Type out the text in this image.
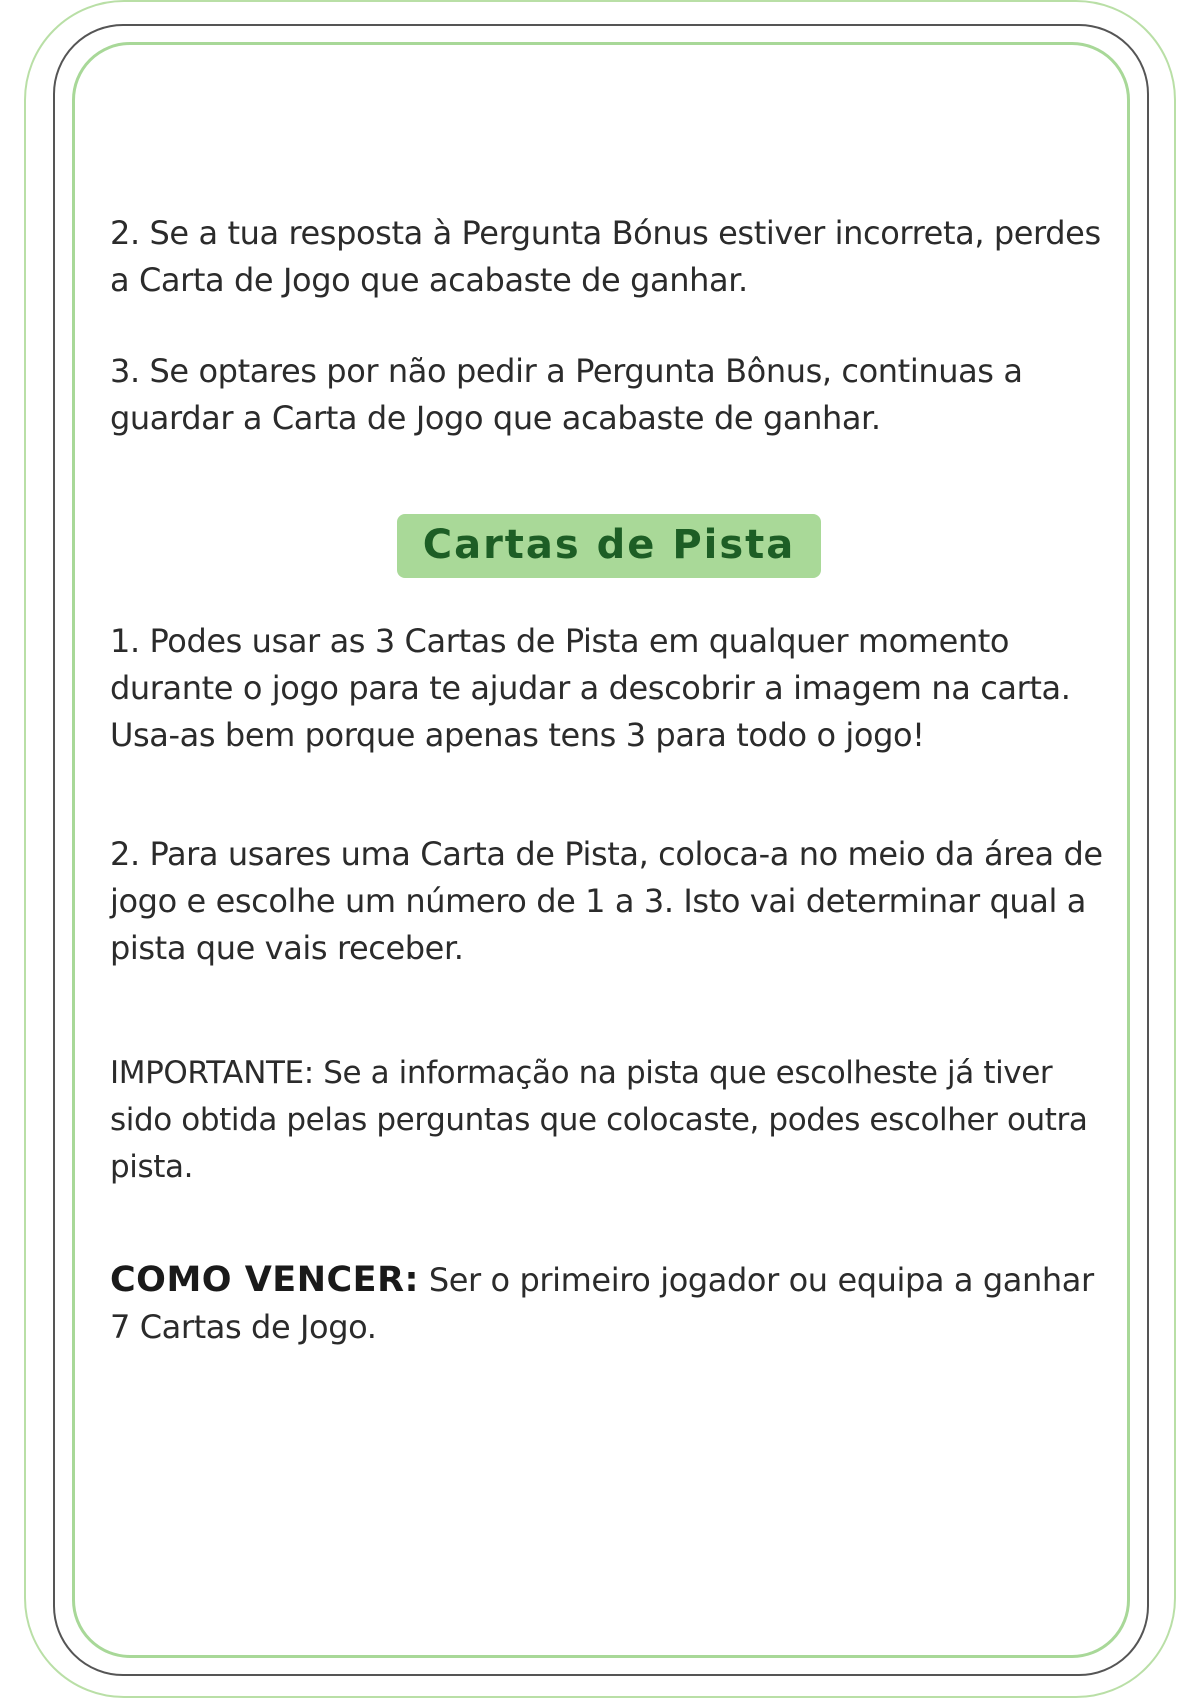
2. Se a tua resposta à Pergunta Bónus estiver incorreta, perdes a Carta de Jogo que acabaste de ganhar.

3. Se optares por não pedir a Pergunta Bônus, continuas a guardar a Carta de Jogo que acabaste de ganhar.

Cartas de Pista

1. Podes usar as 3 Cartas de Pista em qualquer momento durante o jogo para te ajudar a descobrir a imagem na carta. Usa-as bem porque apenas tens 3 para todo o jogo!

2. Para usares uma Carta de Pista, coloca-a no meio da área de jogo e escolhe um número de 1 a 3. Isto vai determinar qual a pista que vais receber.

IMPORTANTE: Se a informação na pista que escolheste já tiver sido obtida pelas perguntas que colocaste, podes escolher outra pista.

COMO VENCER: Ser o primeiro jogador ou equipa a ganhar 7 Cartas de Jogo.
